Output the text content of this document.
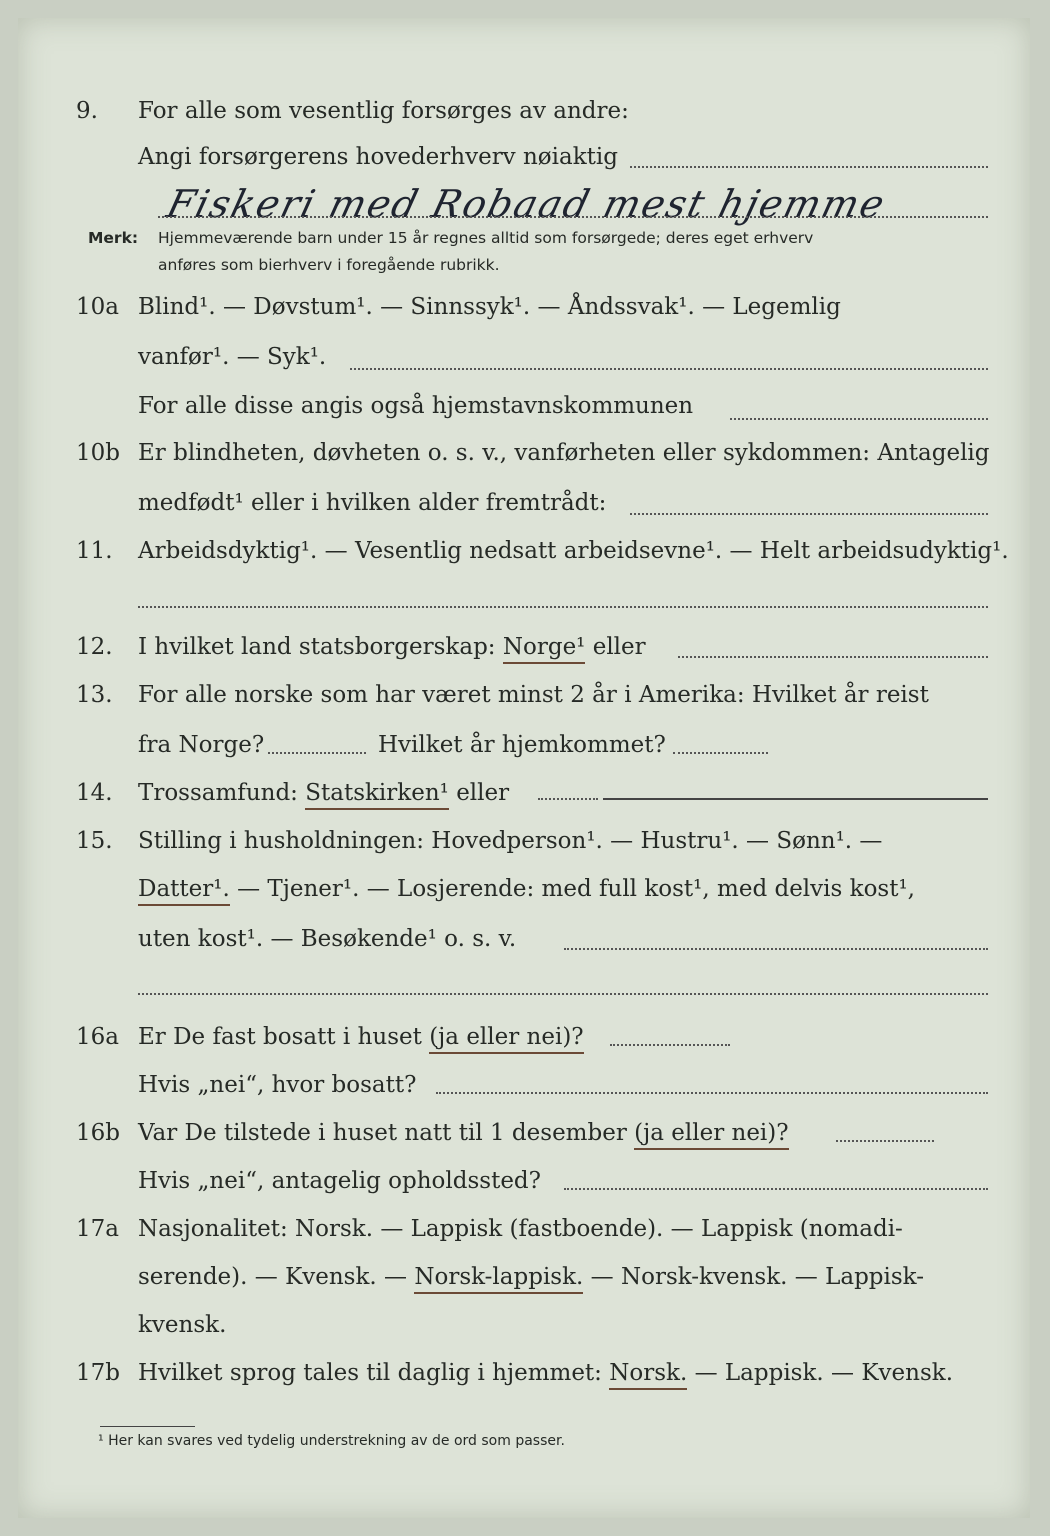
9. For alle som vesentlig forsørges av andre:
Angi forsørgerens hovederhverv nøiaktig
Fiskeri med Robaad mest hjemme
Merk: Hjemmeværende barn under 15 år regnes alltid som forsørgede; deres eget erhverv
anføres som bierhverv i foregående rubrikk.
10a Blind¹. — Døvstum¹. — Sinnssyk¹. — Åndssvak¹. — Legemlig
vanfør¹. — Syk¹.
For alle disse angis også hjemstavnskommunen
10b Er blindheten, døvheten o. s. v., vanførheten eller sykdommen: Antagelig
medfødt¹ eller i hvilken alder fremtrådt:
11. Arbeidsdyktig¹. — Vesentlig nedsatt arbeidsevne¹. — Helt arbeidsudyktig¹.
12. I hvilket land statsborgerskap: Norge¹ eller
13. For alle norske som har været minst 2 år i Amerika: Hvilket år reist
fra Norge?	Hvilket år hjemkommet?
14. Trossamfund: Statskirken¹ eller
15. Stilling i husholdningen: Hovedperson¹. — Hustru¹. — Sønn¹. —
Datter¹. — Tjener¹. — Losjerende: med full kost¹, med delvis kost¹,
uten kost¹. — Besøkende¹ o. s. v.
16a Er De fast bosatt i huset (ja eller nei)?
Hvis „nei“, hvor bosatt?
16b Var De tilstede i huset natt til 1 desember (ja eller nei)?
Hvis „nei“, antagelig opholdssted?
17a Nasjonalitet: Norsk. — Lappisk (fastboende). — Lappisk (nomadi-
serende). — Kvensk. — Norsk-lappisk. — Norsk-kvensk. — Lappisk-
kvensk.
17b Hvilket sprog tales til daglig i hjemmet: Norsk. — Lappisk. — Kvensk.
¹ Her kan svares ved tydelig understrekning av de ord som passer.
